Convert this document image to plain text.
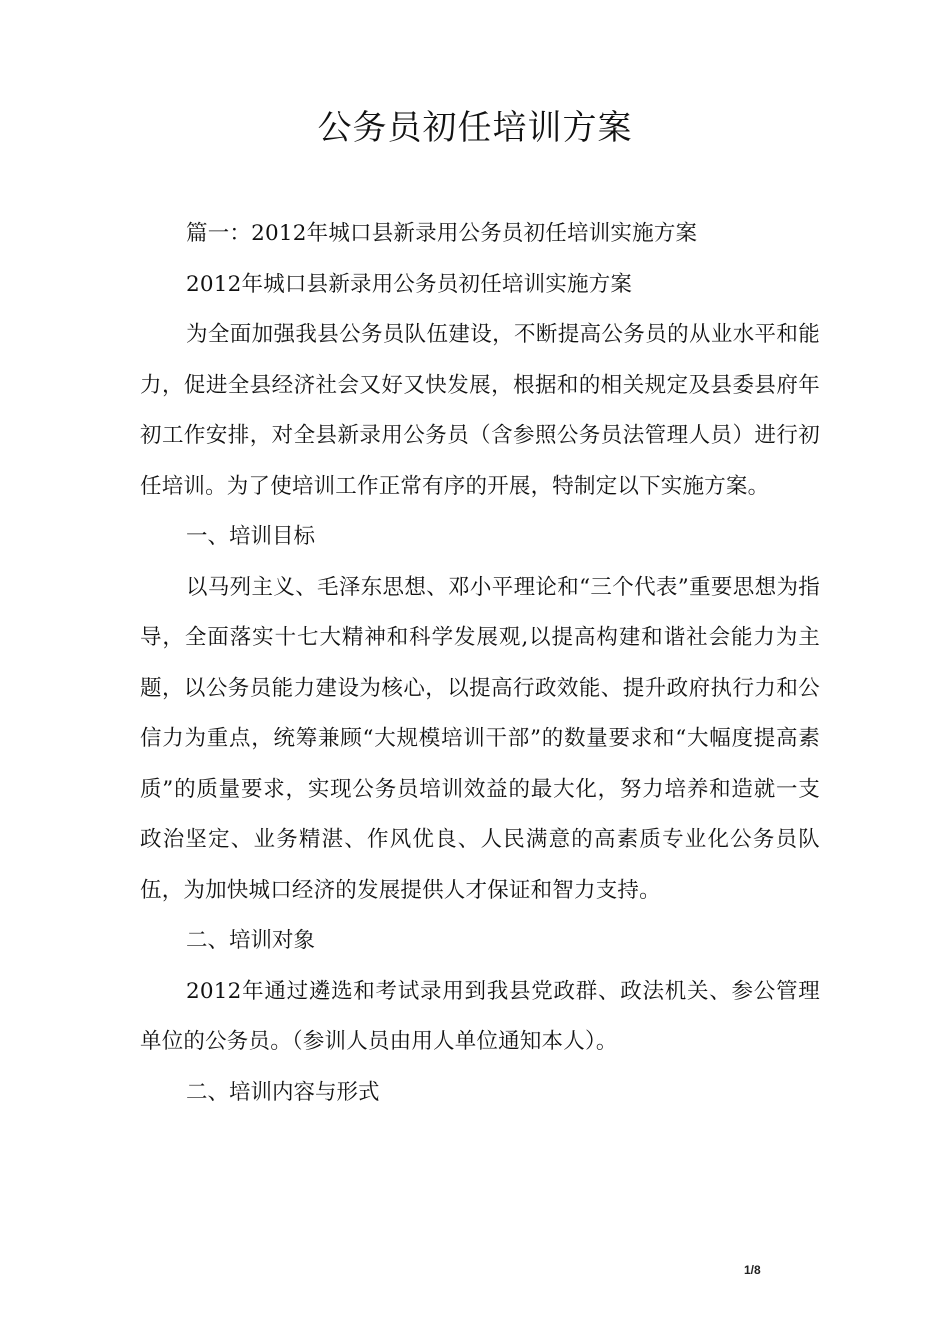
公务员初任培训方案

篇一：2012年城口县新录用公务员初任培训实施方案

2012年城口县新录用公务员初任培训实施方案

为全面加强我县公务员队伍建设，不断提高公务员的从业水平和能力，促进全县经济社会又好又快发展，根据和的相关规定及县委县府年初工作安排，对全县新录用公务员（含参照公务员法管理人员）进行初任培训。为了使培训工作正常有序的开展，特制定以下实施方案。

一、培训目标

以马列主义、毛泽东思想、邓小平理论和“三个代表”重要思想为指导，全面落实十七大精神和科学发展观,以提高构建和谐社会能力为主题，以公务员能力建设为核心，以提高行政效能、提升政府执行力和公信力为重点，统筹兼顾“大规模培训干部”的数量要求和“大幅度提高素质”的质量要求，实现公务员培训效益的最大化，努力培养和造就一支政治坚定、业务精湛、作风优良、人民满意的高素质专业化公务员队伍，为加快城口经济的发展提供人才保证和智力支持。

二、培训对象

2012年通过遴选和考试录用到我县党政群、政法机关、参公管理单位的公务员。（参训人员由用人单位通知本人）。

二、培训内容与形式

1/8
